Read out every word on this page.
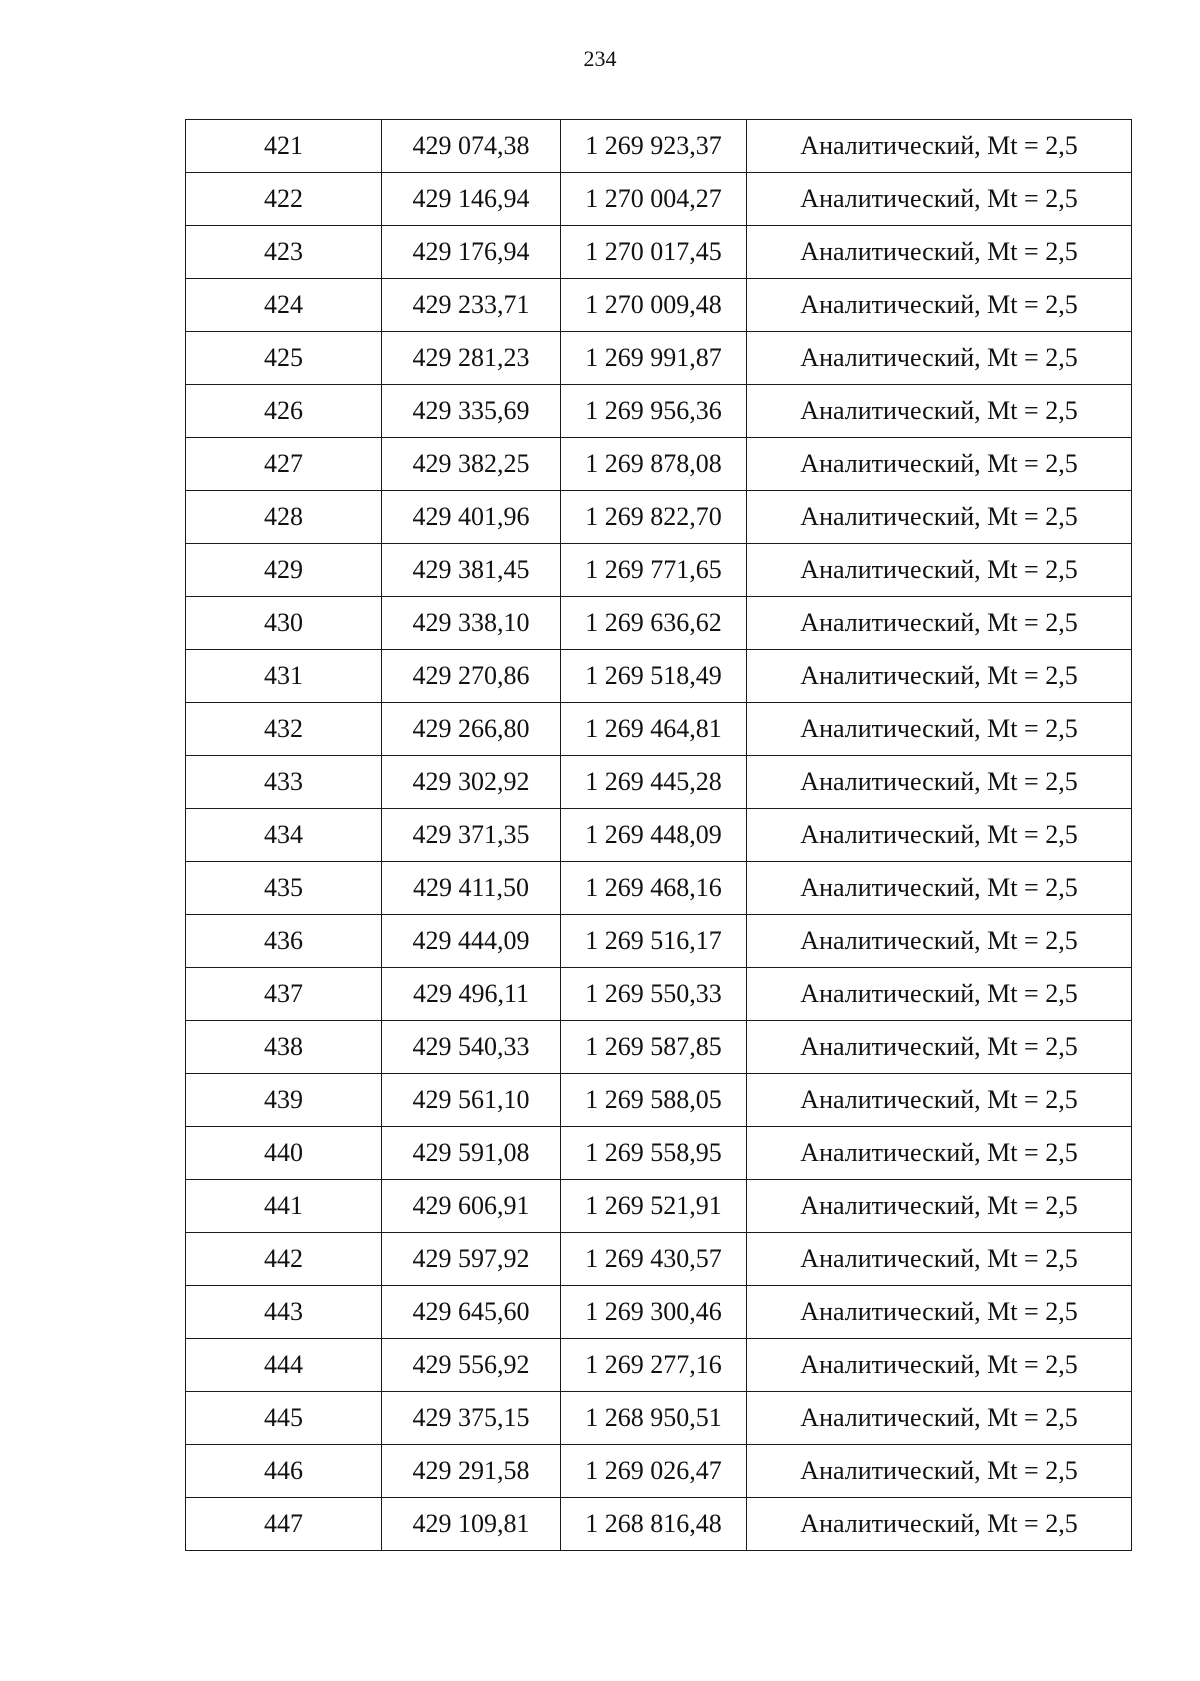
234
421	429 074,38	1 269 923,37	Аналитический, Mt = 2,5
422	429 146,94	1 270 004,27	Аналитический, Mt = 2,5
423	429 176,94	1 270 017,45	Аналитический, Mt = 2,5
424	429 233,71	1 270 009,48	Аналитический, Mt = 2,5
425	429 281,23	1 269 991,87	Аналитический, Mt = 2,5
426	429 335,69	1 269 956,36	Аналитический, Mt = 2,5
427	429 382,25	1 269 878,08	Аналитический, Mt = 2,5
428	429 401,96	1 269 822,70	Аналитический, Mt = 2,5
429	429 381,45	1 269 771,65	Аналитический, Mt = 2,5
430	429 338,10	1 269 636,62	Аналитический, Mt = 2,5
431	429 270,86	1 269 518,49	Аналитический, Mt = 2,5
432	429 266,80	1 269 464,81	Аналитический, Mt = 2,5
433	429 302,92	1 269 445,28	Аналитический, Mt = 2,5
434	429 371,35	1 269 448,09	Аналитический, Mt = 2,5
435	429 411,50	1 269 468,16	Аналитический, Mt = 2,5
436	429 444,09	1 269 516,17	Аналитический, Mt = 2,5
437	429 496,11	1 269 550,33	Аналитический, Mt = 2,5
438	429 540,33	1 269 587,85	Аналитический, Mt = 2,5
439	429 561,10	1 269 588,05	Аналитический, Mt = 2,5
440	429 591,08	1 269 558,95	Аналитический, Mt = 2,5
441	429 606,91	1 269 521,91	Аналитический, Mt = 2,5
442	429 597,92	1 269 430,57	Аналитический, Mt = 2,5
443	429 645,60	1 269 300,46	Аналитический, Mt = 2,5
444	429 556,92	1 269 277,16	Аналитический, Mt = 2,5
445	429 375,15	1 268 950,51	Аналитический, Mt = 2,5
446	429 291,58	1 269 026,47	Аналитический, Mt = 2,5
447	429 109,81	1 268 816,48	Аналитический, Mt = 2,5
